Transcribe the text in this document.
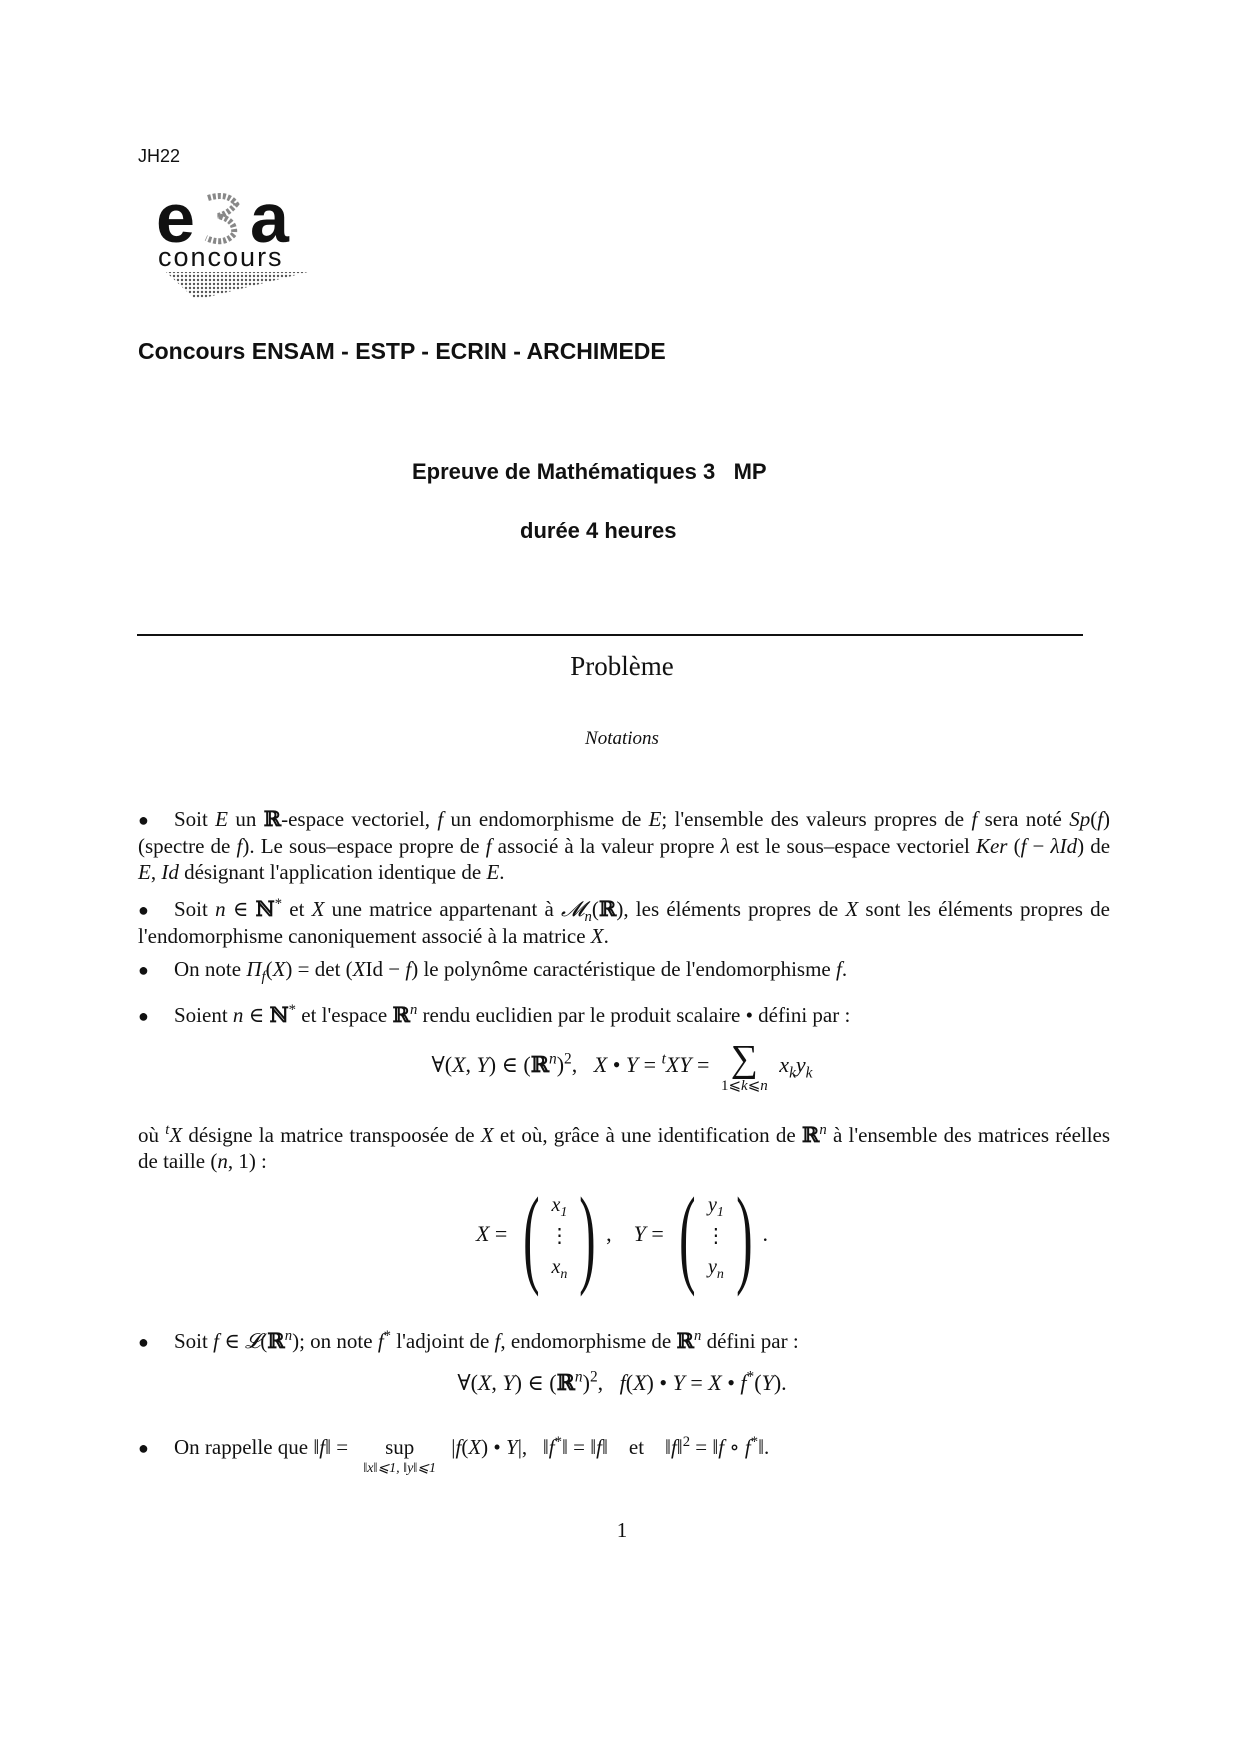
JH22
e a
concours
Concours ENSAM - ESTP - ECRIN - ARCHIMEDE
Epreuve de Mathématiques 3 MP
durée 4 heures
Problème
Notations
● Soit E un ℝ-espace vectoriel, f un endomorphisme de E; l'ensemble des valeurs propres de f sera noté Sp(f) (spectre de f). Le sous–espace propre de f associé à la valeur propre λ est le sous–espace vectoriel Ker (f − λId) de E, Id désignant l'application identique de E.
● Soit n ∈ ℕ* et X une matrice appartenant à 𝓜$_n$(ℝ), les éléments propres de X sont les éléments propres de l'endomorphisme canoniquement associé à la matrice X.
● On note $\Pi_f(X) = \det (XId - f)$ le polynôme caractéristique de l'endomorphisme f.
● Soient n ∈ ℕ* et l'espace ℝ$^n$ rendu euclidien par le produit scalaire • défini par :
∀(X, Y) ∈ (ℝ$^n$)$^2$,   X • Y = $^t$XY = ∑
1⩽k⩽n
$x_ky_k$
où $^t$X désigne la matrice transpoosée de X et où, grâce à une identification de ℝ$^n$ à l'ensemble des matrices réelles de taille (n, 1) :
X = ( $x_1$
⋮
$x_n$ ) ,    Y = ( $y_1$
⋮
$y_n$ ) .
● Soit f ∈ 𝓛(ℝ$^n$); on note f* l'adjoint de f, endomorphisme de ℝ$^n$ défini par :
∀(X, Y) ∈ (ℝ$^n$)$^2$,   f(X) • Y = X • f*(Y).
● On rappelle que ‖f‖ = sup
‖x‖⩽1, ‖y‖⩽1
|f(X) • Y|,   ‖f*‖ = ‖f‖    et    ‖f‖$^2$ = ‖f ∘ f*‖.
1
